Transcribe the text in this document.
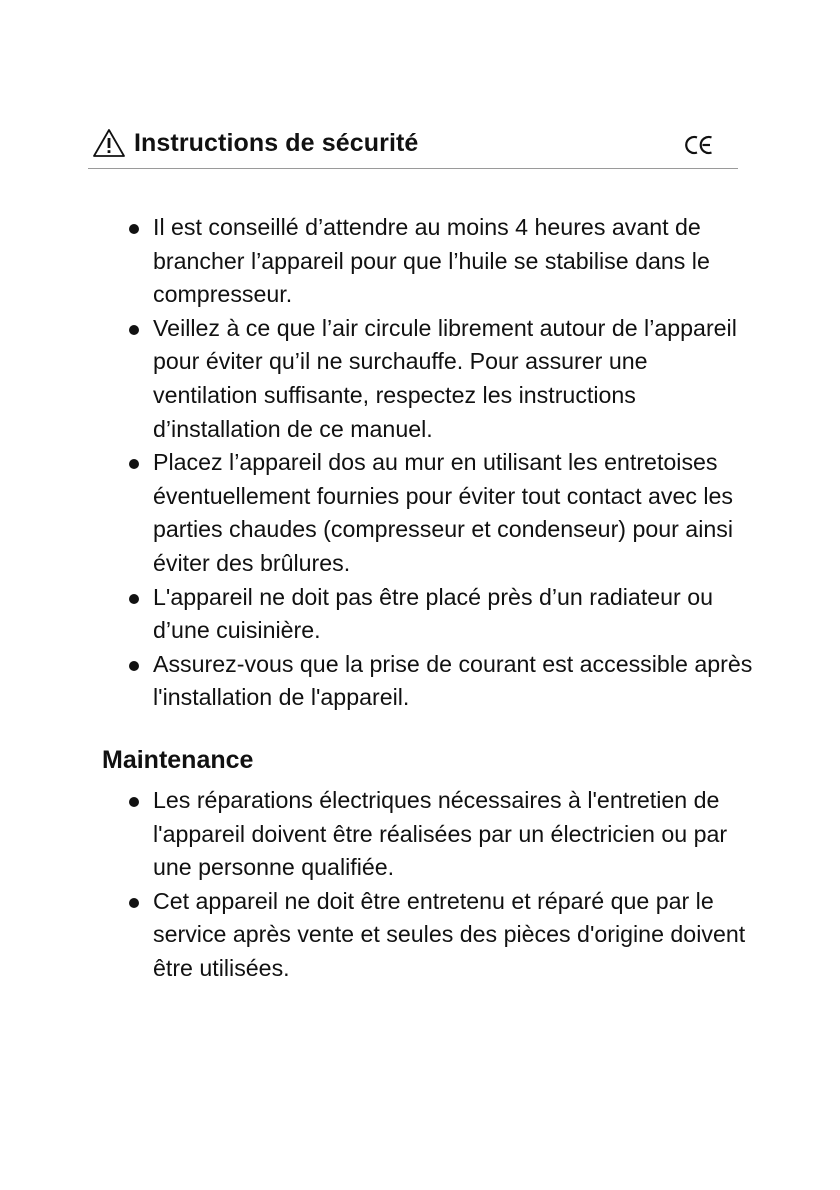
Instructions de sécurité
Il est conseillé d’attendre au moins 4 heures avant de brancher l’appareil pour que l’huile se stabilise dans le compresseur.
Veillez à ce que l’air circule librement autour de l’appareil pour éviter qu’il ne surchauffe. Pour assurer une ventilation suffisante, respectez les instructions d’installation de ce manuel.
Placez l’appareil dos au mur en utilisant les entretoises éventuellement fournies pour éviter tout contact avec les parties chaudes (compresseur et condenseur) pour ainsi éviter des brûlures.
L'appareil ne doit pas être placé près d’un radiateur ou d’une cuisinière.
Assurez-vous que la prise de courant est accessible après l'installation de l'appareil.
Maintenance
Les réparations électriques nécessaires à l'entretien de l'appareil doivent être réalisées par un électricien ou par une personne qualifiée.
Cet appareil ne doit être entretenu et réparé que par le service après vente et seules des pièces d'origine doivent être utilisées.
